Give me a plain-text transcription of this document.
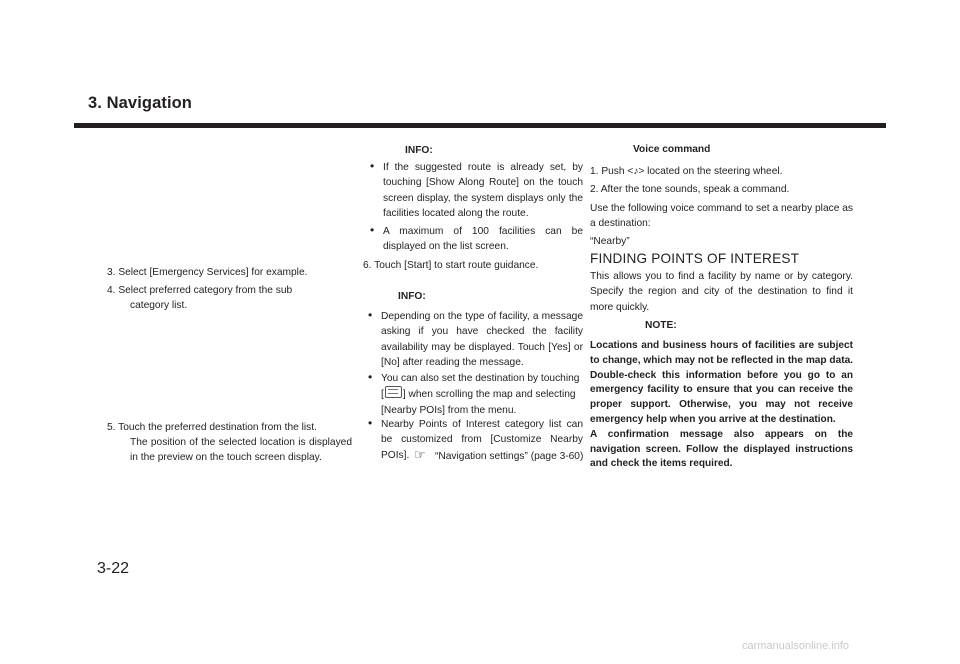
3. Navigation
3. Select [Emergency Services] for example.
4. Select preferred category from the sub
category list.
5. Touch the preferred destination from the list.
The position of the selected location is displayed in the preview on the touch screen display.
INFO:
• If the suggested route is already set, by touching [Show Along Route] on the touch screen display, the system displays only the facilities located along the route.
• A maximum of 100 facilities can be displayed on the list screen.
6. Touch [Start] to start route guidance.
INFO:
• Depending on the type of facility, a message asking if you have checked the facility availability may be displayed. Touch [Yes] or [No] after reading the message.
• You can also set the destination by touching
[ ] when scrolling the map and selecting [Nearby POIs] from the menu.
• Nearby Points of Interest category list can be customized from [Customize Nearby POIs]. ☞ “Navigation settings” (page 3-60)
Voice command
1. Push <♪> located on the steering wheel.
2. After the tone sounds, speak a command.
Use the following voice command to set a nearby place as a destination:
“Nearby”
FINDING POINTS OF INTEREST
This allows you to find a facility by name or by category. Specify the region and city of the destination to find it more quickly.
NOTE:
Locations and business hours of facilities are subject to change, which may not be reflected in the map data. Double-check this information before you go to an emergency facility to ensure that you can receive the proper support. Otherwise, you may not receive emergency help when you arrive at the destination.
A confirmation message also appears on the navigation screen. Follow the displayed instructions and check the items required.
3-22
carmanualsonline.info
